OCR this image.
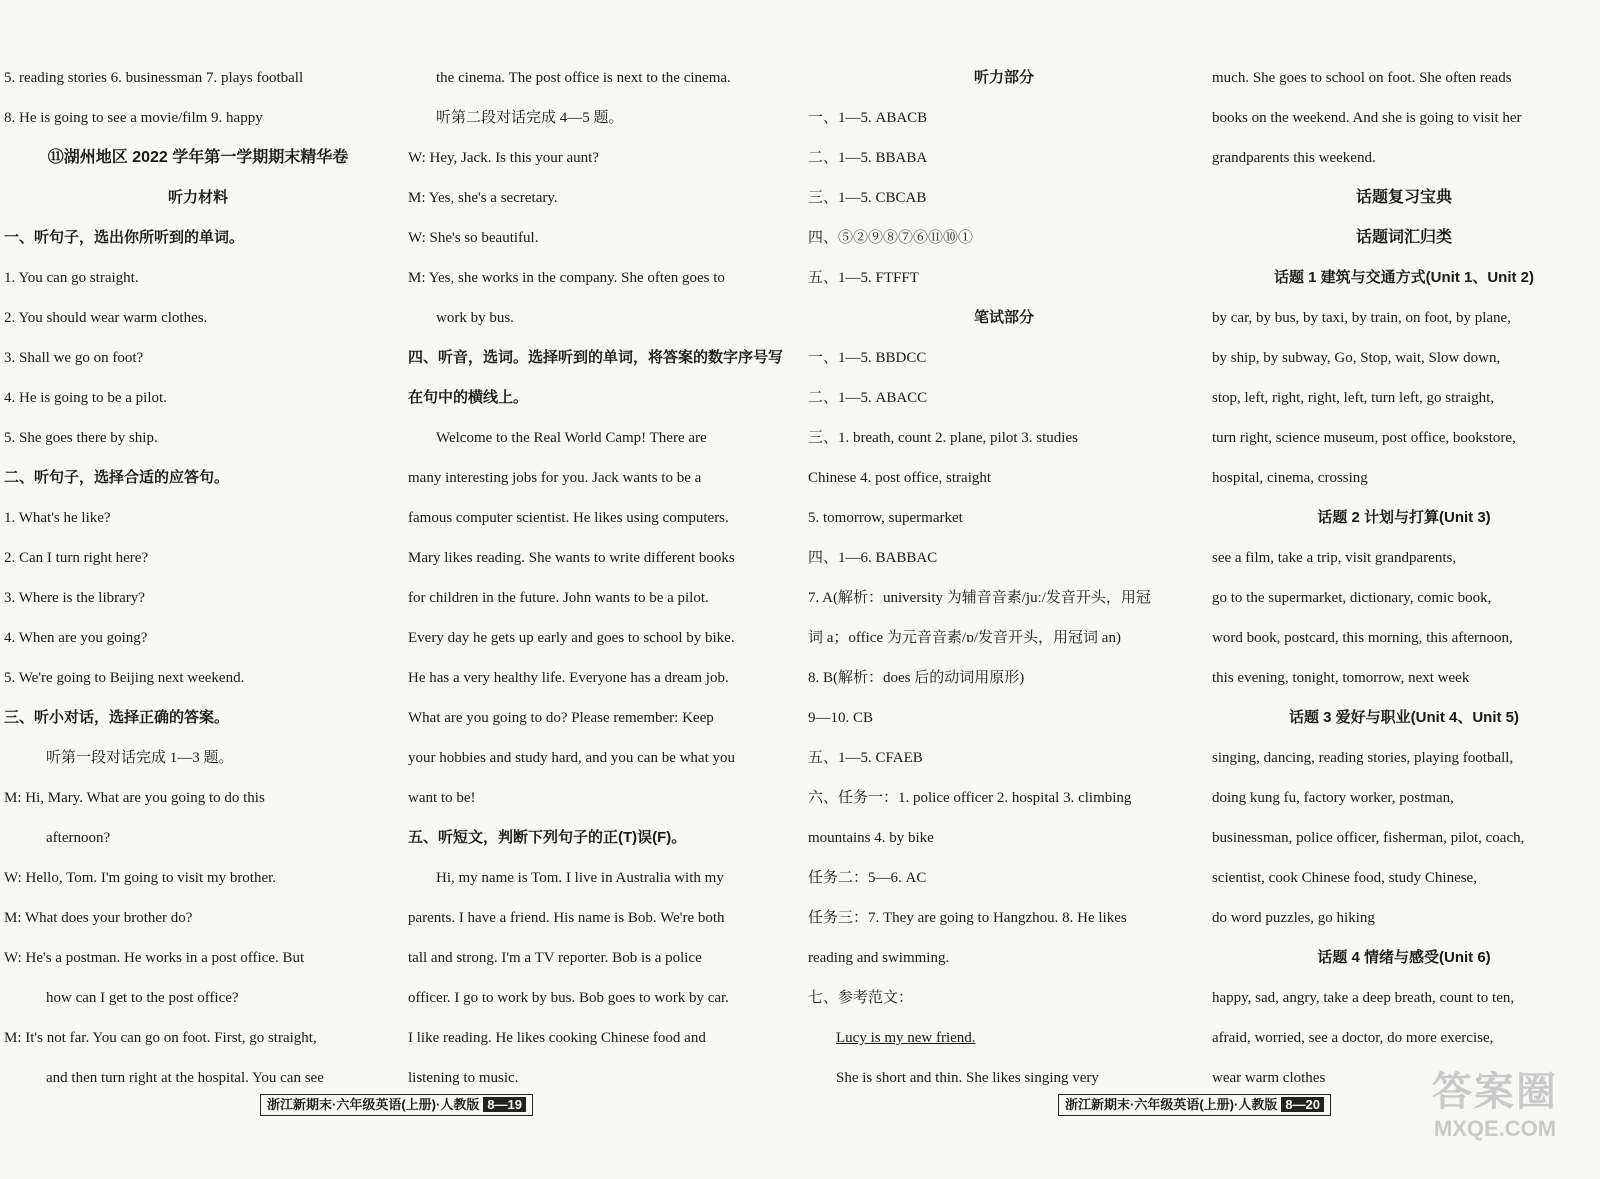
5. reading stories 6. businessman 7. plays football
8. He is going to see a movie/film 9. happy
⑪湖州地区 2022 学年第一学期期末精华卷
听力材料
一、听句子，选出你所听到的单词。
1. You can go straight.
2. You should wear warm clothes.
3. Shall we go on foot?
4. He is going to be a pilot.
5. She goes there by ship.
二、听句子，选择合适的应答句。
1. What's he like?
2. Can I turn right here?
3. Where is the library?
4. When are you going?
5. We're going to Beijing next weekend.
三、听小对话，选择正确的答案。
听第一段对话完成 1—3 题。
M: Hi, Mary. What are you going to do this
afternoon?
W: Hello, Tom. I'm going to visit my brother.
M: What does your brother do?
W: He's a postman. He works in a post office. But
how can I get to the post office?
M: It's not far. You can go on foot. First, go straight,
and then turn right at the hospital. You can see
the cinema. The post office is next to the cinema.
听第二段对话完成 4—5 题。
W: Hey, Jack. Is this your aunt?
M: Yes, she's a secretary.
W: She's so beautiful.
M: Yes, she works in the company. She often goes to
work by bus.
四、听音，选词。选择听到的单词，将答案的数字序号写
在句中的横线上。
Welcome to the Real World Camp! There are
many interesting jobs for you. Jack wants to be a
famous computer scientist. He likes using computers.
Mary likes reading. She wants to write different books
for children in the future. John wants to be a pilot.
Every day he gets up early and goes to school by bike.
He has a very healthy life. Everyone has a dream job.
What are you going to do? Please remember: Keep
your hobbies and study hard, and you can be what you
want to be!
五、听短文，判断下列句子的正(T)误(F)。
Hi, my name is Tom. I live in Australia with my
parents. I have a friend. His name is Bob. We're both
tall and strong. I'm a TV reporter. Bob is a police
officer. I go to work by bus. Bob goes to work by car.
I like reading. He likes cooking Chinese food and
listening to music.
听力部分
一、1—5. ABACB
二、1—5. BBABA
三、1—5. CBCAB
四、⑤②⑨⑧⑦⑥⑪⑩①
五、1—5. FTFFT
笔试部分
一、1—5. BBDCC
二、1—5. ABACC
三、1. breath, count 2. plane, pilot 3. studies
Chinese 4. post office, straight
5. tomorrow, supermarket
四、1—6. BABBAC
7. A(解析：university 为辅音音素/juː/发音开头，用冠
词 a；office 为元音音素/ɒ/发音开头，用冠词 an)
8. B(解析：does 后的动词用原形)
9—10. CB
五、1—5. CFAEB
六、任务一：1. police officer 2. hospital 3. climbing
mountains 4. by bike
任务二：5—6. AC
任务三：7. They are going to Hangzhou. 8. He likes
reading and swimming.
七、参考范文：
Lucy is my new friend.
She is short and thin. She likes singing very
much. She goes to school on foot. She often reads
books on the weekend. And she is going to visit her
grandparents this weekend.
话题复习宝典
话题词汇归类
话题 1 建筑与交通方式(Unit 1、Unit 2)
by car, by bus, by taxi, by train, on foot, by plane,
by ship, by subway, Go, Stop, wait, Slow down,
stop, left, right, right, left, turn left, go straight,
turn right, science museum, post office, bookstore,
hospital, cinema, crossing
话题 2 计划与打算(Unit 3)
see a film, take a trip, visit grandparents,
go to the supermarket, dictionary, comic book,
word book, postcard, this morning, this afternoon,
this evening, tonight, tomorrow, next week
话题 3 爱好与职业(Unit 4、Unit 5)
singing, dancing, reading stories, playing football,
doing kung fu, factory worker, postman,
businessman, police officer, fisherman, pilot, coach,
scientist, cook Chinese food, study Chinese,
do word puzzles, go hiking
话题 4 情绪与感受(Unit 6)
happy, sad, angry, take a deep breath, count to ten,
afraid, worried, see a doctor, do more exercise,
wear warm clothes
浙江新期末·六年级英语(上册)·人教版 8—19	浙江新期末·六年级英语(上册)·人教版 8—20	答案圈
MXQE.COM
